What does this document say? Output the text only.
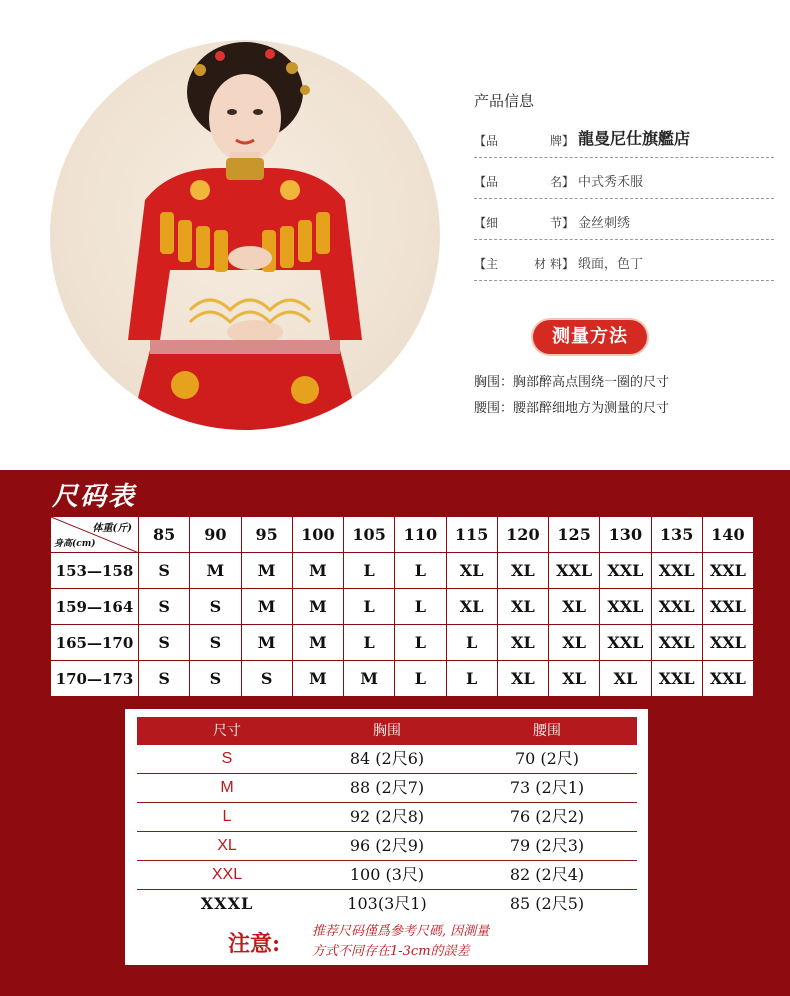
产品信息
【品	牌】 龍曼尼仕旗艦店
【品	名】 中式秀禾服
【细	节】 金丝刺绣
【主	材 料】 缎面，色丁
测量方法
胸围：胸部醉高点围绕一圈的尺寸
腰围：腰部醉细地方为测量的尺寸
尺码表
体重(斤)
身高(cm)	85	90	95	100	105	110	115	120	125	130	135	140
153—158	S	M	M	M	L	L	XL	XL	XXL	XXL	XXL	XXL
159—164	S	S	M	M	L	L	XL	XL	XL	XXL	XXL	XXL
165—170	S	S	M	M	L	L	L	XL	XL	XXL	XXL	XXL
170—173	S	S	S	M	M	L	L	XL	XL	XL	XXL	XXL
尺寸	胸围	腰围
S	84 (2尺6)	70 (2尺)
M	88 (2尺7)	73 (2尺1)
L	92 (2尺8)	76 (2尺2)
XL	96 (2尺9)	79 (2尺3)
XXL	100 (3尺)	82 (2尺4)
XXXL	103(3尺1)	85 (2尺5)
注意: 推荐尺码僅爲參考尺碼, 因測量
方式不同存在1-3cm的誤差
